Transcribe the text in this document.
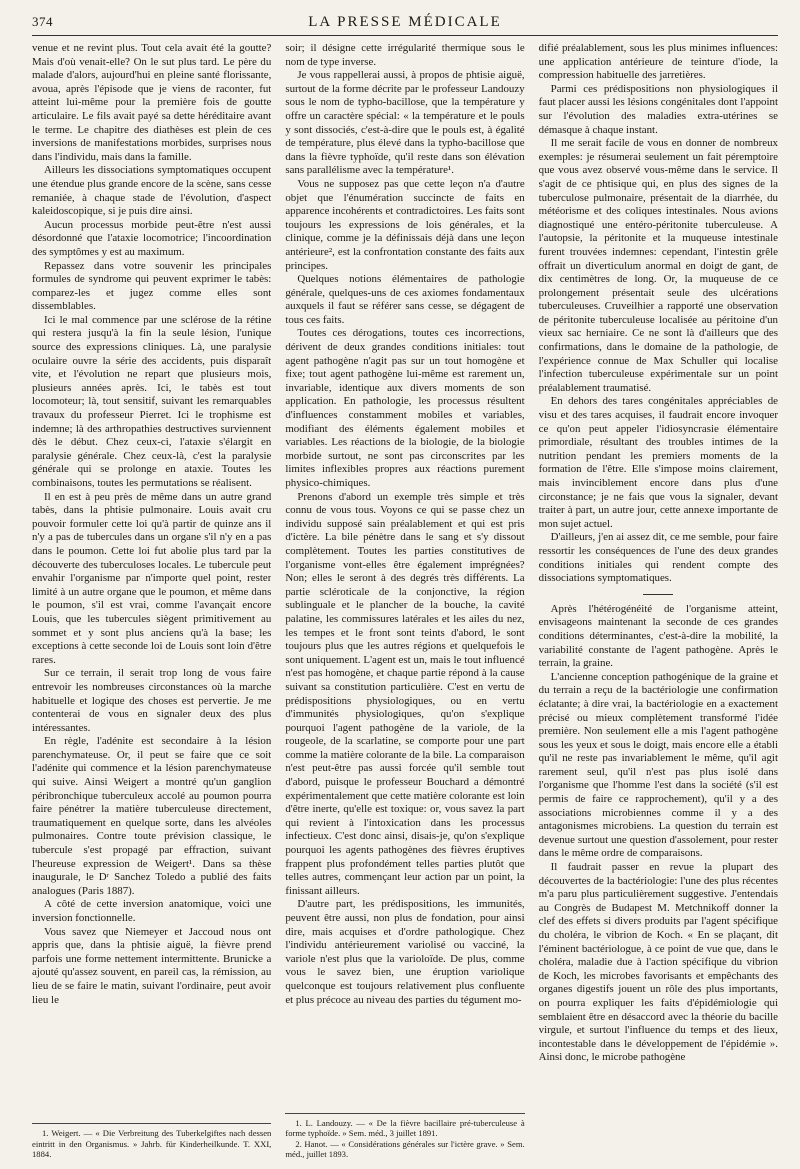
374	LA PRESSE MÉDICALE

venue et ne revint plus. Tout cela avait été la goutte? Mais d'où venait-elle? On le sut plus tard. Le père du malade d'alors, aujourd'hui en pleine santé florissante, avoua, après l'épisode que je viens de raconter, fut atteint lui-même pour la première fois de goutte articulaire. Le fils avait payé sa dette héréditaire avant le terme. Le chapitre des diathèses est plein de ces inversions de manifestations morbides, surprises nous dans l'individu, mais dans la famille.

Ailleurs les dissociations symptomatiques occupent une étendue plus grande encore de la scène, sans cesse remaniée, à chaque stade de l'évolution, d'aspect kaleidoscopique, si je puis dire ainsi.

Aucun processus morbide peut-être n'est aussi désordonné que l'ataxie locomotrice; l'incoordination des symptômes y est au maximum.

Repassez dans votre souvenir les principales formules de syndrome qui peuvent exprimer le tabès: comparez-les et jugez comme elles sont dissemblables.

Ici le mal commence par une sclérose de la rétine qui restera jusqu'à la fin la seule lésion, l'unique source des expressions cliniques. Là, une paralysie oculaire ouvre la série des accidents, puis disparaît vite, et l'évolution ne repart que plusieurs mois, plusieurs années après. Ici, le tabès est tout locomoteur; là, tout sensitif, suivant les remarquables travaux du professeur Pierret. Ici le trophisme est indemne; là des arthropathies destructives surviennent dès le début. Chez ceux-ci, l'ataxie s'élargit en paralysie générale. Chez ceux-là, c'est la paralysie générale qui se prolonge en ataxie. Toutes les combinaisons, toutes les permutations se réalisent.

Il en est à peu près de même dans un autre grand tabès, dans la phtisie pulmonaire. Louis avait cru pouvoir formuler cette loi qu'à partir de quinze ans il n'y a pas de tubercules dans un organe s'il n'y en a pas dans le poumon. Cette loi fut abolie plus tard par la découverte des tuberculoses locales. Le tubercule peut envahir l'organisme par n'importe quel point, rester limité à un autre organe que le poumon, et même dans le poumon, s'il est vrai, comme l'avançait encore Louis, que les tubercules siègent primitivement au sommet et y sont plus anciens qu'à la base; les exceptions à cette seconde loi de Louis sont loin d'être rares.

Sur ce terrain, il serait trop long de vous faire entrevoir les nombreuses circonstances où la marche habituelle et logique des choses est pervertie. Je me contenterai de vous en signaler deux des plus intéressantes.

En règle, l'adénite est secondaire à la lésion parenchymateuse. Or, il peut se faire que ce soit l'adénite qui commence et la lésion parenchymateuse qui suive. Ainsi Weigert a montré qu'un ganglion péribronchique tuberculeux accolé au poumon pourra faire pénétrer la matière tuberculeuse directement, traumatiquement en quelque sorte, dans les alvéoles pulmonaires. Contre toute prévision classique, le tubercule s'est propagé par effraction, suivant l'heureuse expression de Weigert¹. Dans sa thèse inaugurale, le Dʳ Sanchez Toledo a publié des faits analogues (Paris 1887).

A côté de cette inversion anatomique, voici une inversion fonctionnelle.

Vous savez que Niemeyer et Jaccoud nous ont appris que, dans la phtisie aiguë, la fièvre prend parfois une forme nettement intermittente. Brunicke a ajouté qu'assez souvent, en pareil cas, la rémission, au lieu de se faire le matin, suivant l'ordinaire, peut avoir lieu le

1. Weigert. — « Die Verbreitung des Tuberkelgiftes nach dessen eintritt in den Organismus. » Jahrb. für Kinderheilkunde. T. XXI, 1884.

soir; il désigne cette irrégularité thermique sous le nom de type inverse.

Je vous rappellerai aussi, à propos de phtisie aiguë, surtout de la forme décrite par le professeur Landouzy sous le nom de typho-bacillose, que la température y offre un caractère spécial: « la température et le pouls y sont dissociés, c'est-à-dire que le pouls est, à égalité de température, plus élevé dans la typho-bacillose que dans la fièvre typhoïde, qu'il reste dans son élévation sans parallélisme avec la température¹.

Vous ne supposez pas que cette leçon n'a d'autre objet que l'énumération succincte de faits en apparence incohérents et contradictoires. Les faits sont toujours les expressions de lois générales, et la clinique, comme je la définissais déjà dans une leçon antérieure², est la confrontation constante des faits aux principes.

Quelques notions élémentaires de pathologie générale, quelques-uns de ces axiomes fondamentaux auxquels il faut se référer sans cesse, se dégagent de tous ces faits.

Toutes ces dérogations, toutes ces incorrections, dérivent de deux grandes conditions initiales: tout agent pathogène n'agit pas sur un tout homogène et fixe; tout agent pathogène lui-même est rarement un, invariable, identique aux divers moments de son application. En pathologie, les processus résultent d'influences constamment mobiles et variables, modifiant des éléments également mobiles et variables. Les réactions de la biologie, de la biologie morbide surtout, ne sont pas circonscrites par les limites inflexibles propres aux réactions purement physico-chimiques.

Prenons d'abord un exemple très simple et très connu de vous tous. Voyons ce qui se passe chez un individu supposé sain préalablement et qui est pris d'ictère. La bile pénètre dans le sang et s'y dissout complètement. Toutes les parties constitutives de l'organisme vont-elles être également imprégnées? Non; elles le seront à des degrés très différents. La partie scléroticale de la conjonctive, la région sublinguale et le plancher de la bouche, la cavité palatine, les commissures latérales et les ailes du nez, les tempes et le front sont teints d'abord, le sont toujours plus que les autres régions et quelquefois le sont uniquement. L'agent est un, mais le tout influencé n'est pas homogène, et chaque partie répond à la cause suivant sa constitution particulière. C'est en vertu de prédispositions physiologiques, ou en vertu d'immunités physiologiques, qu'on s'explique pourquoi l'agent pathogène de la variole, de la rougeole, de la scarlatine, se comporte pour une part comme la matière colorante de la bile. La comparaison n'est peut-être pas aussi forcée qu'il semble tout d'abord, puisque le professeur Bouchard a démontré expérimentalement que cette matière colorante est loin d'être inerte, qu'elle est toxique: or, vous savez la part qui revient à l'intoxication dans les processus infectieux. C'est donc ainsi, disais-je, qu'on s'explique pourquoi les agents pathogènes des fièvres éruptives frappent plus profondément telles parties plutôt que telles autres, commençant leur action par un point, la finissant ailleurs.

D'autre part, les prédispositions, les immunités, peuvent être aussi, non plus de fondation, pour ainsi dire, mais acquises et d'ordre pathologique. Chez l'individu antérieurement variolisé ou vacciné, la variole n'est plus que la varioloïde. De plus, comme vous le savez bien, une éruption variolique quelconque est toujours relativement plus confluente et plus précoce au niveau des parties du tégument mo-

1. L. Landouzy. — « De la fièvre bacillaire pré-tuberculeuse à forme typhoïde. » Sem. méd., 3 juillet 1891.

2. Hanot. — « Considérations générales sur l'ictère grave. » Sem. méd., juillet 1893.

difié préalablement, sous les plus minimes influences: une application antérieure de teinture d'iode, la compression habituelle des jarretières.

Parmi ces prédispositions non physiologiques il faut placer aussi les lésions congénitales dont l'appoint sur l'évolution des maladies extra-utérines se démasque à chaque instant.

Il me serait facile de vous en donner de nombreux exemples: je résumerai seulement un fait péremptoire que vous avez observé vous-même dans le service. Il s'agit de ce phtisique qui, en plus des signes de la tuberculose pulmonaire, présentait de la diarrhée, du météorisme et des coliques intestinales. Nous avions diagnostiqué une entéro-péritonite tuberculeuse. A l'autopsie, la péritonite et la muqueuse intestinale furent trouvées indemnes: cependant, l'intestin grêle offrait un diverticulum anormal en doigt de gant, de dix centimètres de long. Or, la muqueuse de ce prolongement présentait seule des ulcérations tuberculeuses. Cruveilhier a rapporté une observation de péritonite tuberculeuse localisée au péritoine d'un vieux sac herniaire. Ce ne sont là d'ailleurs que des confirmations, dans le domaine de la pathologie, de l'expérience connue de Max Schuller qui localise l'infection tuberculeuse expérimentale sur un point préalablement traumatisé.

En dehors des tares congénitales appréciables de visu et des tares acquises, il faudrait encore invoquer ce qu'on peut appeler l'idiosyncrasie élémentaire primordiale, résultant des troubles intimes de la nutrition pendant les premiers moments de la formation de l'être. Elle s'impose moins clairement, mais invinciblement encore dans plus d'une circonstance; je ne fais que vous la signaler, devant traiter à part, un autre jour, cette annexe importante de mon sujet actuel.

D'ailleurs, j'en ai assez dit, ce me semble, pour faire ressortir les conséquences de l'une des deux grandes conditions initiales qui rendent compte des dissociations symptomatiques.

Après l'hétérogénéité de l'organisme atteint, envisageons maintenant la seconde de ces grandes conditions déterminantes, c'est-à-dire la mobilité, la variabilité constante de l'agent pathogène. Après le terrain, la graine.

L'ancienne conception pathogénique de la graine et du terrain a reçu de la bactériologie une confirmation éclatante; à dire vrai, la bactériologie en a exactement précisé ou mieux complètement transformé l'idée première. Non seulement elle a mis l'agent pathogène sous les yeux et sous le doigt, mais encore elle a établi qu'il ne reste pas invariablement le même, qu'il agit rarement seul, qu'il n'est pas plus isolé dans l'organisme que l'homme l'est dans la société (s'il est permis de faire ce rapprochement), qu'il y a des associations microbiennes comme il y a des antagonismes microbiens. La question du terrain est devenue surtout une question d'assolement, pour rester dans le même ordre de comparaisons.

Il faudrait passer en revue la plupart des découvertes de la bactériologie: l'une des plus récentes m'a paru plus particulièrement suggestive. J'entendais au Congrès de Budapest M. Metchnikoff donner la clef des effets si divers produits par l'agent spécifique du choléra, le vibrion de Koch. « En se plaçant, dit l'éminent bactériologue, à ce point de vue que, dans le choléra, maladie due à l'action spécifique du vibrion de Koch, les microbes favorisants et empêchants des organes digestifs jouent un rôle des plus importants, on pourra expliquer les faits d'épidémiologie qui semblaient être en désaccord avec la théorie du bacille virgule, et surtout l'influence du temps et des lieux, incontestable dans le développement de l'épidémie ». Ainsi donc, le microbe pathogène
